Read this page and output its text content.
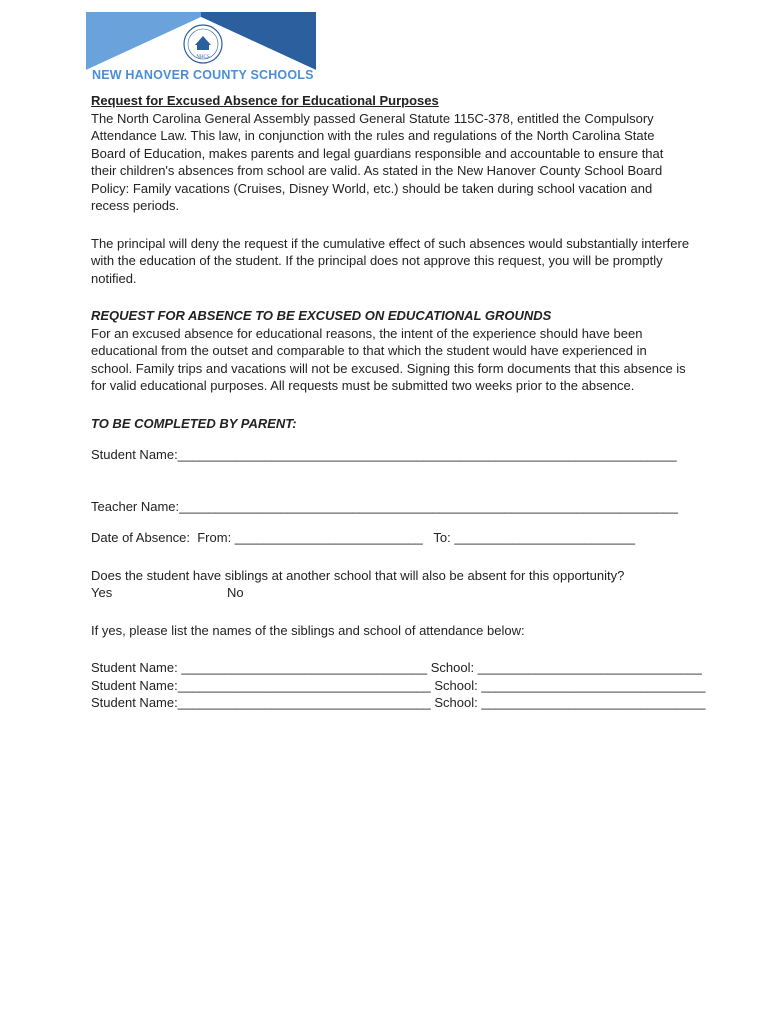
NHCS
NEW HANOVER COUNTY SCHOOLS

Request for Excused Absence for Educational Purposes

The North Carolina General Assembly passed General Statute 115C-378, entitled the Compulsory Attendance Law. This law, in conjunction with the rules and regulations of the North Carolina State Board of Education, makes parents and legal guardians responsible and accountable to ensure that their children's absences from school are valid. As stated in the New Hanover County School Board Policy: Family vacations (Cruises, Disney World, etc.) should be taken during school vacation and recess periods.

The principal will deny the request if the cumulative effect of such absences would substantially interfere with the education of the student. If the principal does not approve this request, you will be promptly notified.

REQUEST FOR ABSENCE TO BE EXCUSED ON EDUCATIONAL GROUNDS

For an excused absence for educational reasons, the intent of the experience should have been educational from the outset and comparable to that which the student would have experienced in school. Family trips and vacations will not be excused. Signing this form documents that this absence is for valid educational purposes. All requests must be submitted two weeks prior to the absence.

TO BE COMPLETED BY PARENT:

Student Name:_____________________________________________________________________

Teacher Name:_____________________________________________________________________

Date of Absence:  From: __________________________   To: _________________________

Does the student have siblings at another school that will also be absent for this opportunity?

Yes	No

If yes, please list the names of the siblings and school of attendance below:

Student Name: __________________________________ School: _______________________________

Student Name:___________________________________ School: _______________________________

Student Name:___________________________________ School: _______________________________
